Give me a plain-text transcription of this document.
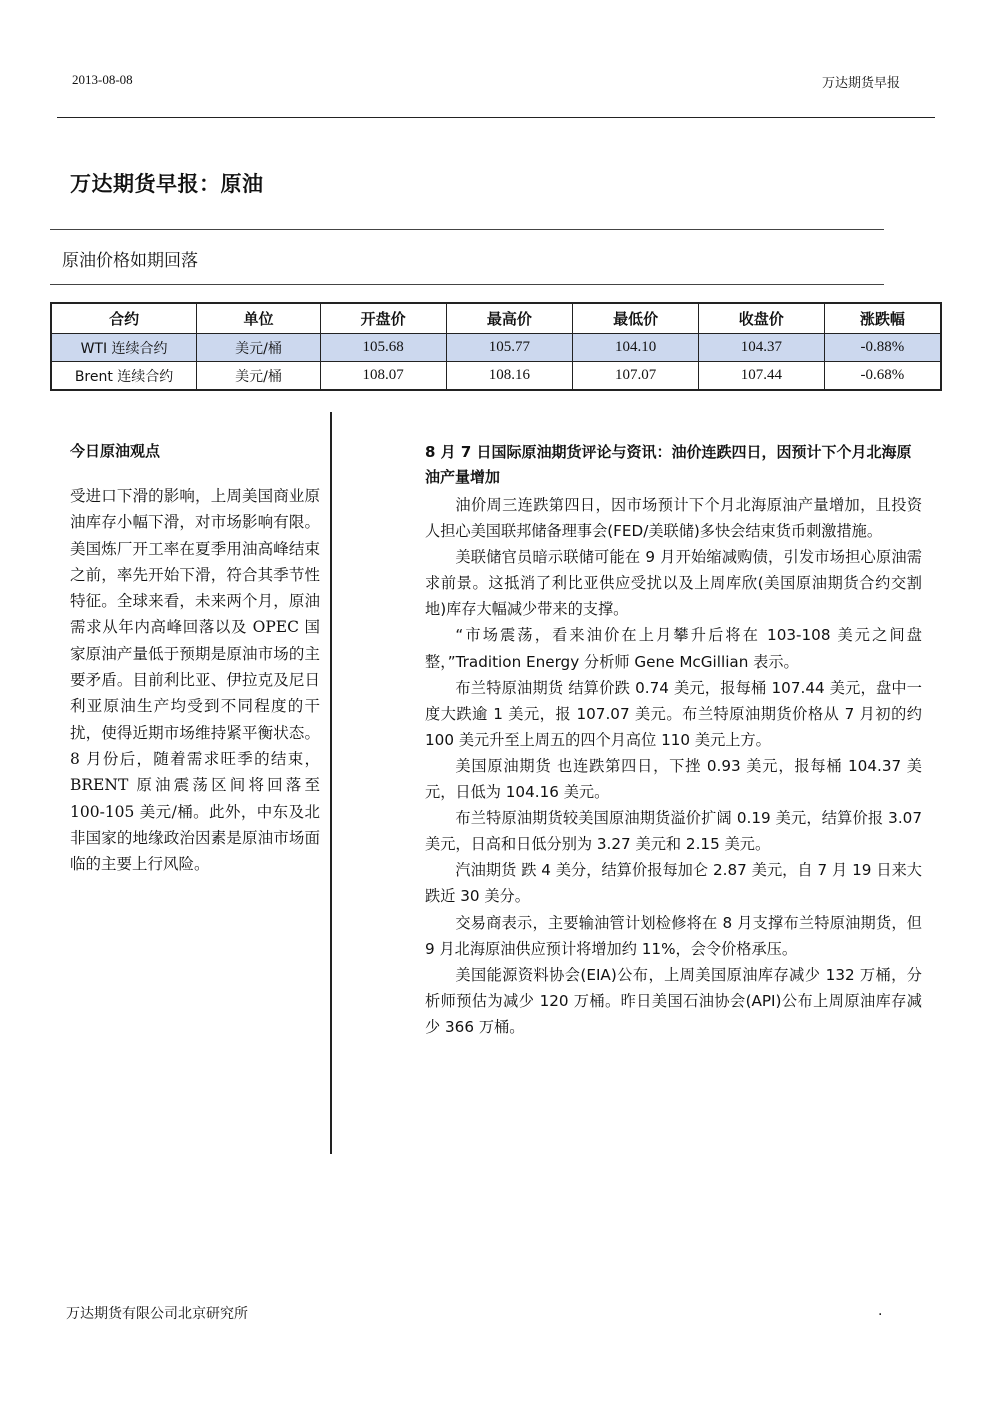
2013-08-08	万达期货早报
万达期货早报：原油
原油价格如期回落
合约	单位	开盘价	最高价	最低价	收盘价	涨跌幅
WTI 连续合约	美元/桶	105.68	105.77	104.10	104.37	-0.88%
Brent 连续合约	美元/桶	108.07	108.16	107.07	107.44	-0.68%
今日原油观点
受进口下滑的影响，上周美国商业原油库存小幅下滑，对市场影响有限。美国炼厂开工率在夏季用油高峰结束之前，率先开始下滑，符合其季节性特征。全球来看，未来两个月，原油需求从年内高峰回落以及 OPEC 国家原油产量低于预期是原油市场的主要矛盾。目前利比亚、伊拉克及尼日利亚原油生产均受到不同程度的干扰，使得近期市场维持紧平衡状态。8 月份后，随着需求旺季的结束，BRENT 原油震荡区间将回落至 100-105 美元/桶。此外，中东及北非国家的地缘政治因素是原油市场面临的主要上行风险。
8 月 7 日国际原油期货评论与资讯：油价连跌四日，因预计下个月北海原油产量增加

油价周三连跌第四日，因市场预计下个月北海原油产量增加，且投资人担心美国联邦储备理事会(FED/美联储)多快会结束货币刺激措施。

美联储官员暗示联储可能在 9 月开始缩减购债，引发市场担心原油需求前景。这抵消了利比亚供应受扰以及上周库欣(美国原油期货合约交割地)库存大幅减少带来的支撑。

“市场震荡，看来油价在上月攀升后将在 103-108 美元之间盘整，”Tradition Energy 分析师 Gene McGillian 表示。

布兰特原油期货 结算价跌 0.74 美元，报每桶 107.44 美元，盘中一度大跌逾 1 美元，报 107.07 美元。布兰特原油期货价格从 7 月初的约 100 美元升至上周五的四个月高位 110 美元上方。

美国原油期货 也连跌第四日，下挫 0.93 美元，报每桶 104.37 美元，日低为 104.16 美元。

布兰特原油期货较美国原油期货溢价扩阔 0.19 美元，结算价报 3.07 美元，日高和日低分别为 3.27 美元和 2.15 美元。

汽油期货 跌 4 美分，结算价报每加仑 2.87 美元，自 7 月 19 日来大跌近 30 美分。

交易商表示，主要输油管计划检修将在 8 月支撑布兰特原油期货，但 9 月北海原油供应预计将增加约 11%，会令价格承压。

美国能源资料协会(EIA)公布，上周美国原油库存减少 132 万桶，分析师预估为减少 120 万桶。昨日美国石油协会(API)公布上周原油库存减少 366 万桶。

万达期货有限公司北京研究所	.
